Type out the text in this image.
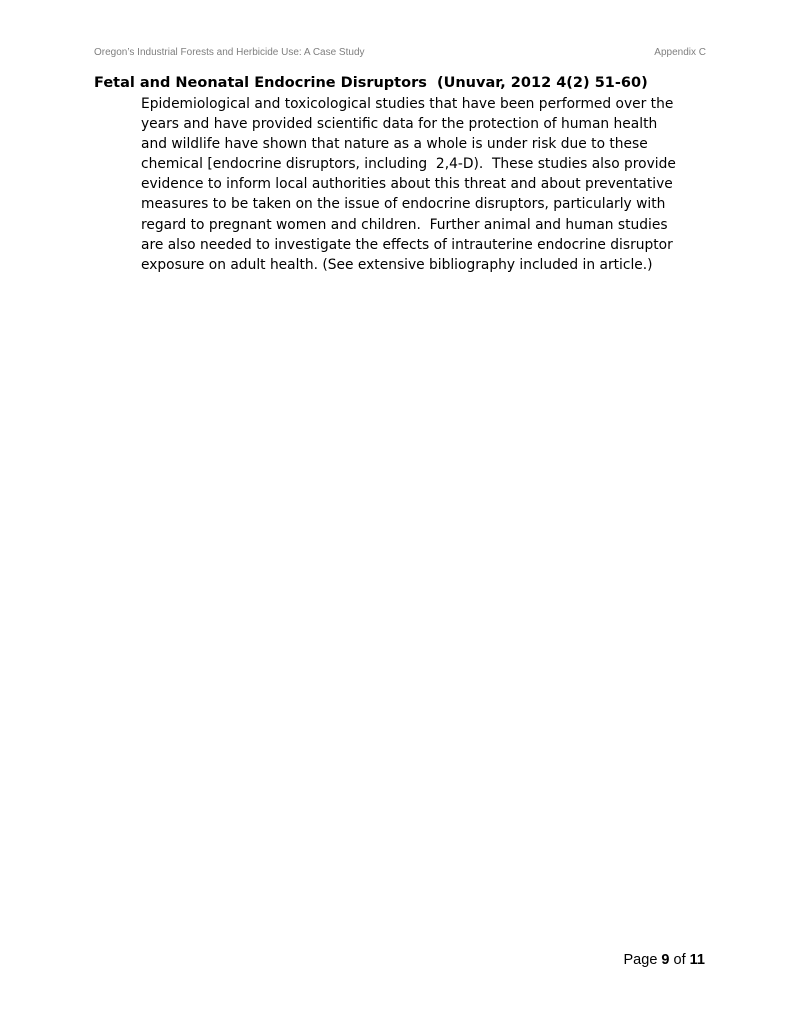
Oregon’s Industrial Forests and Herbicide Use: A Case Study	Appendix C
Fetal and Neonatal Endocrine Disruptors  (Unuvar, 2012 4(2) 51-60)
Epidemiological and toxicological studies that have been performed over the
years and have provided scientific data for the protection of human health
and wildlife have shown that nature as a whole is under risk due to these
chemical [endocrine disruptors, including  2,4-D).  These studies also provide
evidence to inform local authorities about this threat and about preventative
measures to be taken on the issue of endocrine disruptors, particularly with
regard to pregnant women and children.  Further animal and human studies
are also needed to investigate the effects of intrauterine endocrine disruptor
exposure on adult health. (See extensive bibliography included in article.)
Page 9 of 11
